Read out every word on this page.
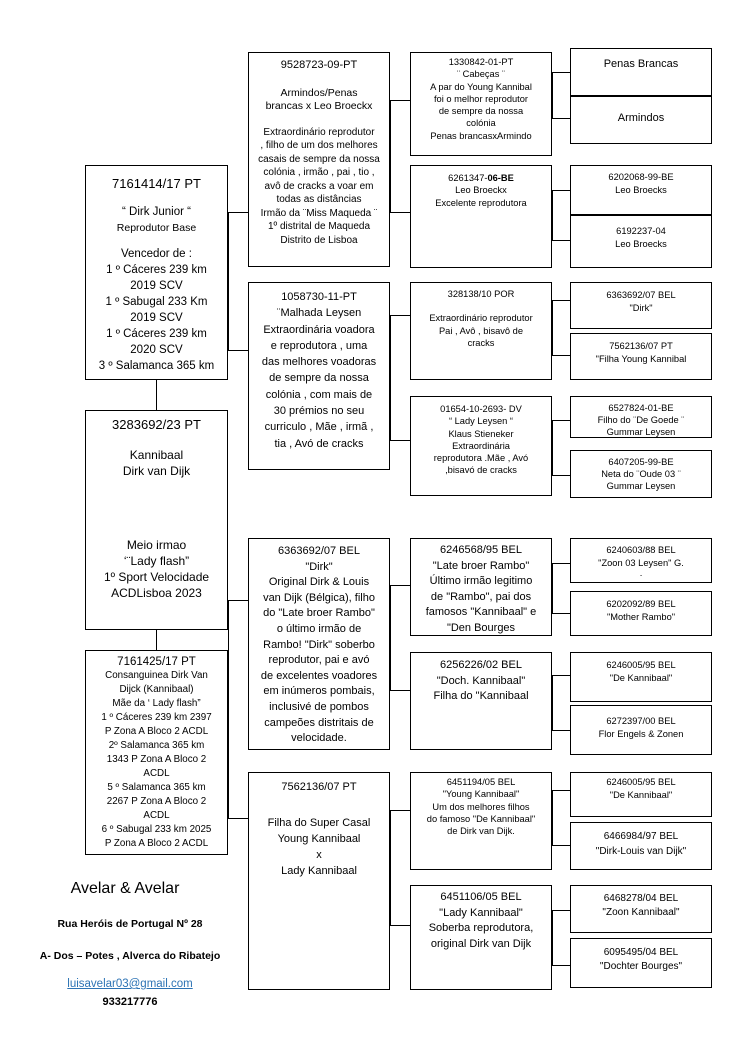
7161414/17 PT

“ Dirk Junior “

Reprodutor Base

Vencedor de :

1 º Cáceres 239 km

2019 SCV

1 º Sabugal 233 Km

2019 SCV

1 º Cáceres 239 km

2020 SCV

3 º Salamanca 365 km

3283692/23 PT

Kannibaal

Dirk van Dijk

Meio irmao

‘¨Lady flash”

1º Sport Velocidade

ACDLisboa 2023

7161425/17 PT

Consanguinea Dirk Van

Dijck (Kannibaal)

Mãe da ‘ Lady flash”

1 º Cáceres 239 km 2397

P Zona A Bloco 2 ACDL

2º Salamanca 365 km

1343 P Zona A Bloco 2

ACDL

5 º Salamanca 365 km

2267 P Zona A Bloco 2

ACDL

6 º Sabugal 233 km 2025

P Zona A Bloco 2 ACDL

9528723-09-PT

Armindos/Penas

brancas x Leo Broeckx

Extraordinário reprodutor

, filho de um dos melhores

casais de sempre da nossa

colónia , irmão , pai , tio ,

avô de cracks a voar em

todas as distâncias

Irmão da ¨Miss Maqueda ¨

1º distrital de Maqueda

Distrito de Lisboa

1058730-11-PT

¨Malhada Leysen

Extraordinária voadora

e reprodutora , uma

das melhores voadoras

de sempre da nossa

colónia , com mais de

30 prémios no seu

curriculo , Mãe , irmã ,

tia , Avó de cracks

6363692/07 BEL

"Dirk"

Original Dirk & Louis

van Dijk (Bélgica), filho

do "Late broer Rambo"

o último irmão de

Rambo! "Dirk" soberbo

reprodutor, pai e avó

de excelentes voadores

em inúmeros pombais,

inclusivé de pombos

campeões distritais de

velocidade.

7562136/07 PT

Filha do Super Casal

Young Kannibaal

x

Lady Kannibaal

1330842-01-PT

¨ Cabeças ¨

A par do Young Kannibal

foi o melhor reprodutor

de sempre da nossa

colónia

Penas brancasxArmindo

6261347-06-BE

Leo Broeckx

Excelente reprodutora

328138/10 POR

Extraordinário reprodutor

Pai , Avô , bisavô de

cracks

01654-10-2693- DV

“ Lady Leysen “

Klaus Stieneker

Extraordinária

reprodutora .Mãe , Avó

,bisavó de cracks

6246568/95 BEL

"Late broer Rambo"

Último irmão legitimo

de "Rambo", pai dos

famosos "Kannibaal" e

"Den Bourges

6256226/02 BEL

"Doch. Kannibaal"

Filha do "Kannibaal

6451194/05 BEL

"Young Kannibaal"

Um dos melhores filhos

do famoso "De Kannibaal"

de Dirk van Dijk.

6451106/05 BEL

"Lady Kannibaal"

Soberba reprodutora,

original Dirk van Dijk

Penas Brancas

Armindos

6202068-99-BE

Leo Broecks

6192237-04

Leo Broecks

6363692/07 BEL

"Dirk"

7562136/07 PT

"Filha Young Kannibal

6527824-01-BE

Filho do ¨De Goede ¨

Gummar Leysen

6407205-99-BE

Neta do ¨Oude 03 ¨

Gummar Leysen

6240603/88 BEL

"Zoon 03 Leysen" G.

.

6202092/89 BEL

"Mother Rambo"

6246005/95 BEL

"De Kannibaal"

6272397/00 BEL

Flor Engels & Zonen

6246005/95 BEL

"De Kannibaal"

6466984/97 BEL

"Dirk-Louis van Dijk"

6468278/04 BEL

"Zoon Kannibaal"

6095495/04 BEL

"Dochter Bourges"

Avelar & Avelar
Rua Heróis de Portugal Nº 28
A- Dos – Potes , Alverca do Ribatejo
luisavelar03@gmail.com
933217776
